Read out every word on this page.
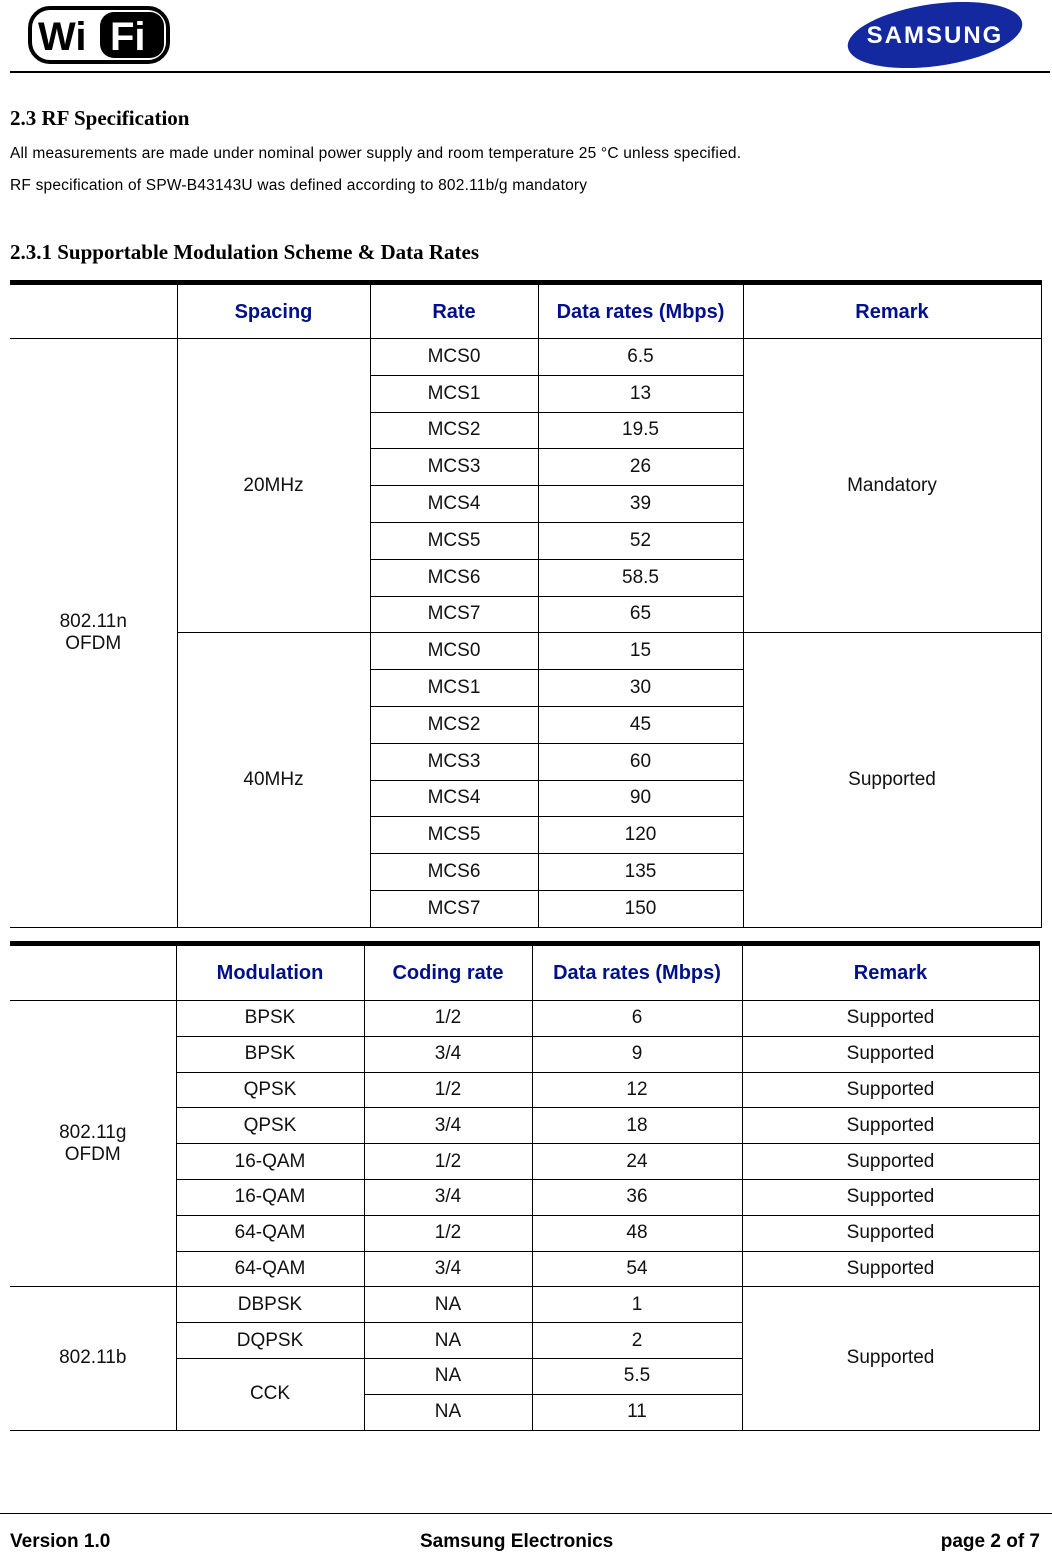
Wi Fi	SAMSUNG
2.3 RF Specification
All measurements are made under nominal power supply and room temperature 25 °C unless specified.
RF specification of SPW-B43143U was defined according to 802.11b/g mandatory
2.3.1 Supportable Modulation Scheme & Data Rates
	Spacing	Rate	Data rates (Mbps)	Remark
802.11n
OFDM	20MHz	MCS0	6.5	Mandatory
		MCS1	13	
		MCS2	19.5	
		MCS3	26	
		MCS4	39	
		MCS5	52	
		MCS6	58.5	
		MCS7	65	
	40MHz	MCS0	15	Supported
		MCS1	30	
		MCS2	45	
		MCS3	60	
		MCS4	90	
		MCS5	120	
		MCS6	135	
		MCS7	150	
	Modulation	Coding rate	Data rates (Mbps)	Remark
802.11g
OFDM	BPSK	1/2	6	Supported
	BPSK	3/4	9	Supported
	QPSK	1/2	12	Supported
	QPSK	3/4	18	Supported
	16-QAM	1/2	24	Supported
	16-QAM	3/4	36	Supported
	64-QAM	1/2	48	Supported
	64-QAM	3/4	54	Supported
802.11b	DBPSK	NA	1	Supported
	DQPSK	NA	2	
	CCK	NA	5.5	
		NA	11	
Version 1.0	Samsung Electronics	page 2 of 7
